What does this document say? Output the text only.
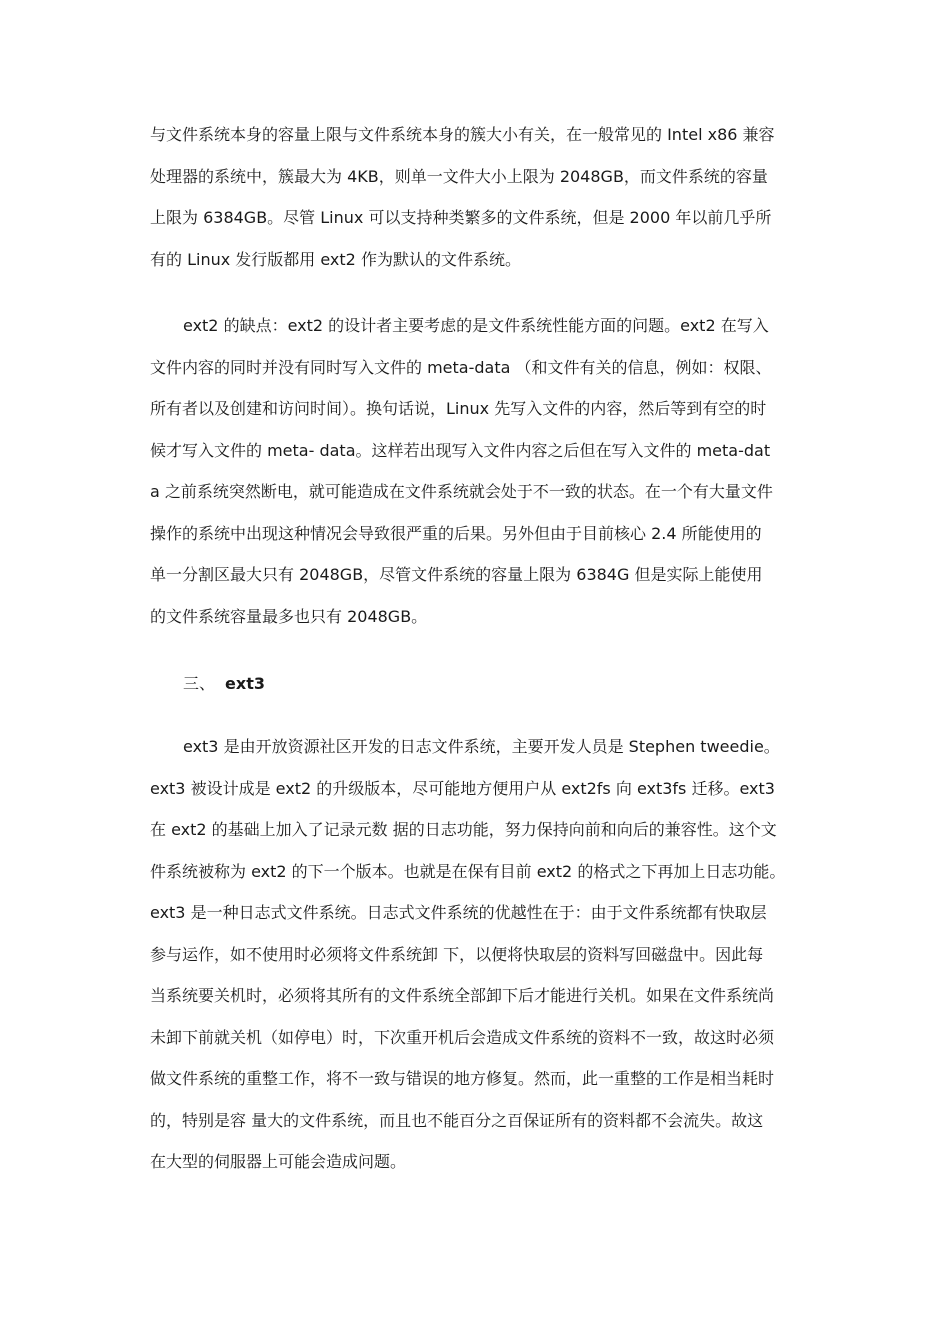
与文件系统本身的容量上限与文件系统本身的簇大小有关，在一般常见的 Intel x86 兼容
处理器的系统中，簇最大为 4KB，则单一文件大小上限为 2048GB，而文件系统的容量
上限为 6384GB。尽管 Linux 可以支持种类繁多的文件系统，但是 2000 年以前几乎所
有的 Linux 发行版都用 ext2 作为默认的文件系统。
ext2 的缺点：ext2 的设计者主要考虑的是文件系统性能方面的问题。ext2 在写入
文件内容的同时并没有同时写入文件的 meta-data （和文件有关的信息，例如：权限、
所有者以及创建和访问时间）。换句话说，Linux 先写入文件的内容，然后等到有空的时
候才写入文件的 meta- data。这样若出现写入文件内容之后但在写入文件的 meta-dat
a 之前系统突然断电，就可能造成在文件系统就会处于不一致的状态。在一个有大量文件
操作的系统中出现这种情况会导致很严重的后果。另外但由于目前核心 2.4 所能使用的
单一分割区最大只有 2048GB，尽管文件系统的容量上限为 6384G 但是实际上能使用
的文件系统容量最多也只有 2048GB。
三、 ext3
ext3 是由开放资源社区开发的日志文件系统，主要开发人员是 Stephen tweedie。
ext3 被设计成是 ext2 的升级版本，尽可能地方便用户从 ext2fs 向 ext3fs 迁移。ext3
在 ext2 的基础上加入了记录元数 据的日志功能，努力保持向前和向后的兼容性。这个文
件系统被称为 ext2 的下一个版本。也就是在保有目前 ext2 的格式之下再加上日志功能。
ext3 是一种日志式文件系统。日志式文件系统的优越性在于：由于文件系统都有快取层
参与运作，如不使用时必须将文件系统卸 下，以便将快取层的资料写回磁盘中。因此每
当系统要关机时，必须将其所有的文件系统全部卸下后才能进行关机。如果在文件系统尚
未卸下前就关机（如停电）时，下次重开机后会造成文件系统的资料不一致，故这时必须
做文件系统的重整工作，将不一致与错误的地方修复。然而，此一重整的工作是相当耗时
的，特别是容 量大的文件系统，而且也不能百分之百保证所有的资料都不会流失。故这
在大型的伺服器上可能会造成问题。
